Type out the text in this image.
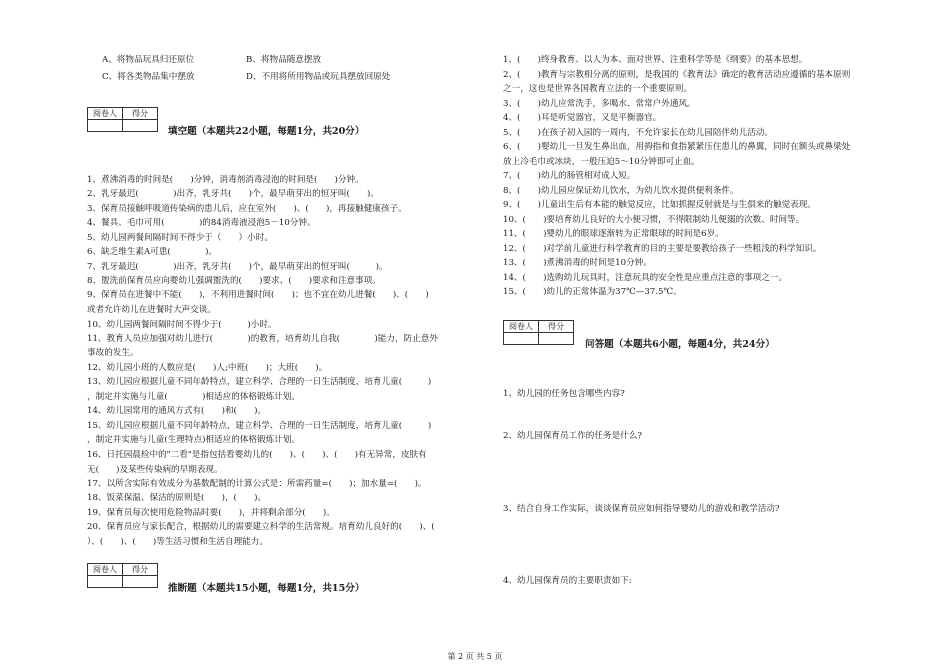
A、将物品玩具归还原位	B、将物品随意摆放
C、将各类物品集中摆放	D、不用将所用物品或玩具摆放回原处
阅卷人	得分

填空题（本题共22小题，每题1分，共20分）
1、煮沸消毒的时间是(　　)分钟，消毒剂消毒浸泡的时间是(　　)分钟。
2、乳牙最迟(　　　　)出齐，乳牙共(　　)个，最早萌芽出的恒牙叫(　　)。
3、保育员接触呼吸道传染病的患儿后，应在室外(　　)、(　　)，再接触健康孩子。
4、餐具、毛巾可用(　　　　)的84消毒液浸泡5－10分钟。
5、幼儿园两餐间隔时间不得少于（　　）小时。
6、缺乏维生素A可患(　　　　)。
7、乳牙最迟(　　　　)出齐，乳牙共(　　)个，最早萌芽出的恒牙叫(　　　)。
8、盥洗前保育员应向婴幼儿强调盥洗的(　　)要求、(　　)要求和注意事项。
9、保育员在进餐中不能(　　)，不利用进餐时间(　　)；也不宜在幼儿进餐(　　)、(　　)
或者允许幼儿在进餐时大声交谈。
10、幼儿园两餐间隔时间不得少于(　　　)小时。
11、教育人员应加强对幼儿进行(　　　　)的教育，培育幼儿自我(　　　　)能力，防止意外
事故的发生。
12、幼儿园小班的人数应是(　　)人;中班(　　)；大班(　　)。
13、幼儿园应根据儿童不同年龄特点，建立科学、合理的一日生活制度，培育儿童(　　　)
，制定并实施与儿童(　　　　)相适应的体格锻炼计划。
14、幼儿园常用的通风方式有(　　)和(　　)。
15、幼儿园应根据儿童不同年龄特点，建立科学、合理的一日生活制度，培育儿童(　　　)
，制定并实施与儿童(生理特点)相适应的体格锻炼计划。
16、日托园晨检中的"二看"是指包括看婴幼儿的(　　)、(　　)、(　　)有无异常，皮肤有
无(　　)及某些传染病的早期表现。
17、以所含实际有效成分为基数配制的计算公式是：所需药量=(　　)；加水量=(　　)。
18、饭菜保温、保洁的原则是(　　)，(　　)。
19、保育员每次使用危险物品时要(　　)，并将剩余部分(　　)。
20、保育员应与家长配合，根据幼儿的需要建立科学的生活常规。培育幼儿良好的(　　)、(　　
）、(　　)、(　　)等生活习惯和生活自理能力。
阅卷人	得分

推断题（本题共15小题，每题1分，共15分）
1、(　　)终身教育、以人为本、面对世界、注重科学等是《纲要》的基本思想。
2、(　　)教育与宗教相分离的原则，是我国的《教育法》确定的教育活动应遵循的基本原则
之一，这也是世界各国教育立法的一个重要原则。
3、(　　)幼儿应常洗手，多喝水、常常户外通风。
4、(　　)耳是听觉器官，又是平衡器官。
5、(　　)在孩子初入园的一周内，不允许家长在幼儿园陪伴幼儿活动。
6、(　　)婴幼儿一旦发生鼻出血，用拇指和食指紧紧压住患儿的鼻翼，同时在额头或鼻梁处
放上冷毛巾或冰块，一般压迫5～10分钟即可止血。
7、(　　)幼儿的肠管相对成人短。
8、(　　)幼儿园应保证幼儿饮水，为幼儿饮水提供便利条件。
9、(　　)儿童出生后有本能的触觉反应，比如抓握反射就是与生俱来的触觉表现。
10、(　　)要培育幼儿良好的大小便习惯，不得限制幼儿便溺的次数、时间等。
11、(　　)婴幼儿的眼球逐渐转为正常眼球的时间是6岁。
12、(　　)对学前儿童进行科学教育的目的主要是要教给孩子一些粗浅的科学知识。
13、(　　)煮沸消毒的时间是10分钟。
14、(　　)选购幼儿玩具时，注意玩具的安全性是应重点注意的事项之一。
15、(　　)幼儿的正常体温为37℃—37.5℃。
阅卷人	得分

问答题（本题共6小题，每题4分，共24分）
1、幼儿园的任务包含哪些内容?
2、幼儿园保育员工作的任务是什么?
3、结合自身工作实际，谈谈保育员应如何指导婴幼儿的游戏和教学活动?
4、幼儿园保育员的主要职责如下:
第 2 页 共 5 页
